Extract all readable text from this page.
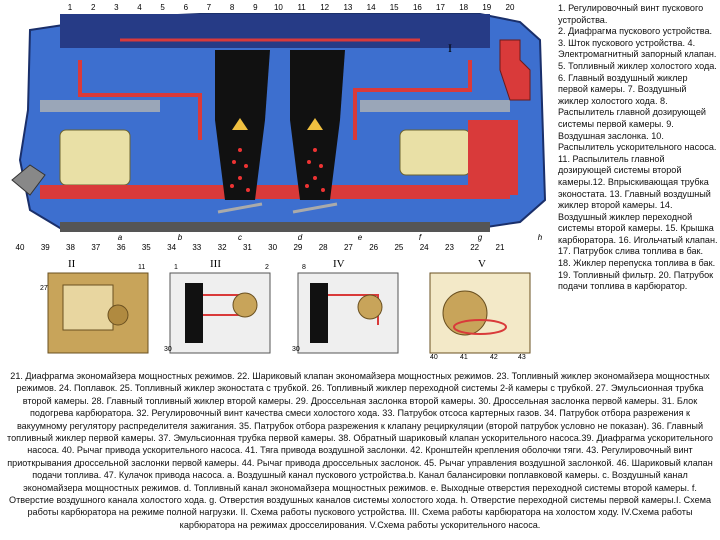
1 2 3 4 5 6 7 8 9 10 11 12 13 14 15 16 17 18 19 20
40 39 38 37 36 35 34 33 32 31 30 29 28 27 26 25 24 23 22 21
a	b	c	d	e	f	g	h
I
II
27
11	III
1	2
30
IV
8
30
V
40	41	42	43

1. Регулировочный винт пускового устройства.
2. Диафрагма пускового устройства.
3. Шток пускового устройства. 4. Электромагнитный запорный клапан. 5. Топливный жиклер холостого хода. 6. Главный воздушный жиклер первой камеры. 7. Воздушный жиклер холостого хода. 8. Распылитель главной дозирующей системы первой камеры. 9. Воздушная заслонка. 10. Распылитель ускорительного насоса.
11. Распылитель главной дозирующей системы второй камеры.12. Впрыскивающая трубка эконостата. 13. Главный воздушный жиклер второй камеры. 14. Воздушный жиклер переходной системы второй камеры. 15. Крышка карбюратора. 16. Игольчатый клапан. 17. Патрубок слива топлива в бак. 18. Жиклер перепуска топлива в бак. 19. Топливный фильтр. 20. Патрубок подачи топлива в карбюратор.

21. Диафрагма экономайзера мощностных режимов. 22. Шариковый клапан экономайзера мощностных режимов. 23. Топливный жиклер экономайзера мощностных режимов. 24. Поплавок. 25. Топливный жиклер эконостата с трубкой. 26. Топливный жиклер переходной системы 2-й камеры с трубкой. 27. Эмульсионная трубка второй камеры. 28. Главный топливный жиклер второй камеры. 29. Дроссельная заслонка второй камеры. 30. Дроссельная заслонка первой камеры. 31. Блок подогрева карбюратора. 32. Регулировочный винт качества смеси холостого хода. 33. Патрубок отсоса картерных газов. 34. Патрубок отбора разрежения к вакуумному регулятору распределителя зажигания. 35. Патрубок отбора разрежения к клапану рециркуляции (второй патрубок условно не показан). 36. Главный топливный жиклер первой камеры. 37. Эмульсионная трубка первой камеры. 38. Обратный шариковый клапан ускорительного насоса.39. Диафрагма ускорительного насоса. 40. Рычаг привода ускорительного насоса. 41. Тяга привода воздушной заслонки. 42. Кронштейн крепления оболочки тяги. 43. Регулировочный винт приоткрывания дроссельной заслонки первой камеры. 44. Рычаг привода дроссельных заслонок. 45. Рычаг управления воздушной заслонкой. 46. Шариковый клапан подачи топлива. 47. Кулачок привода насоса. а. Воздушный канал пускового устройства.b. Канал балансировки поплавковой камеры. с. Воздушный канал экономайзера мощностных режимов. d. Топливный канал экономайзера мощностных режимов. е. Выходные отверстия переходной системы второй камеры. f. Отверстие воздушного канала холостого хода. g. Отверстия воздушных каналов системы холостого хода. h. Отверстие переходной системы первой камеры.I. Схема работы карбюратора на режиме полной нагрузки. II. Схема работы пускового устройства. III. Схема работы карбюратора на холостом ходу. IV.Схема работы карбюратора на режимах дросселирования. V.Схема работы ускорительного насоса.
